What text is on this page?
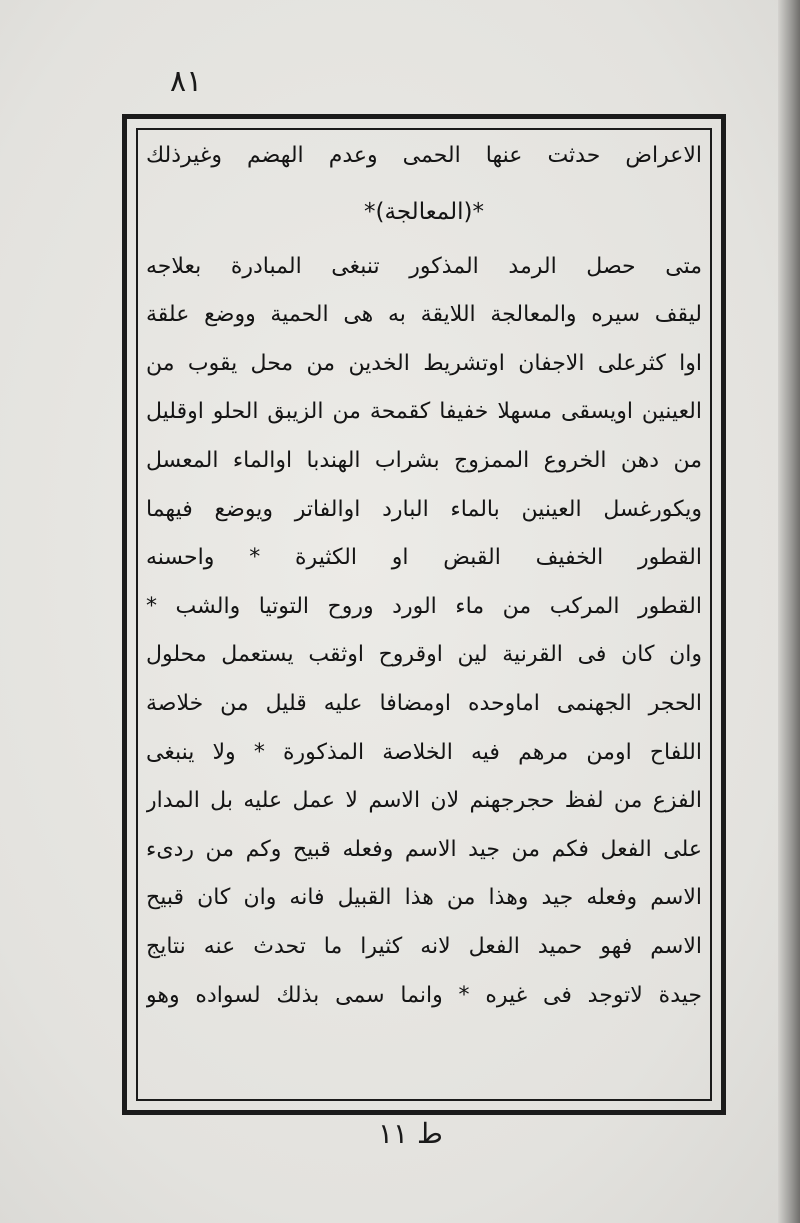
٨١
الاعراض حدثت عنها الحمى وعدم الهضم وغيرذلك
*(المعالجة)*
متى حصل الرمد المذكور تنبغى المبادرة بعلاجه
ليقف سيره والمعالجة اللايقة به هى الحمية ووضع علقة
اوا كثرعلى الاجفان اوتشريط الخدين من محل يقوب من
العينين اويسقى مسهلا خفيفا كقمحة من الزيبق الحلو اوقليل
من دهن الخروع الممزوج بشراب الهندبا اوالماء المعسل
ويكورغسل العينين بالماء البارد اوالفاتر ويوضع فيهما
القطور الخفيف القبض او الكثيرة * واحسنه
القطور المركب من ماء الورد وروح التوتيا والشب *
وان كان فى القرنية لين اوقروح اوثقب يستعمل محلول
الحجر الجهنمى اماوحده اومضافا عليه قليل من خلاصة
اللفاح اومن مرهم فيه الخلاصة المذكورة * ولا ينبغى
الفزع من لفظ حجرجهنم لان الاسم لا عمل عليه بل المدار
على الفعل فكم من جيد الاسم وفعله قبيح وكم من ردىء
الاسم وفعله جيد وهذا من هذا القبيل فانه وان كان قبيح
الاسم فهو حميد الفعل لانه كثيرا ما تحدث عنه نتايج
جيدة لاتوجد فى غيره * وانما سمى بذلك لسواده وهو
ط ١١
